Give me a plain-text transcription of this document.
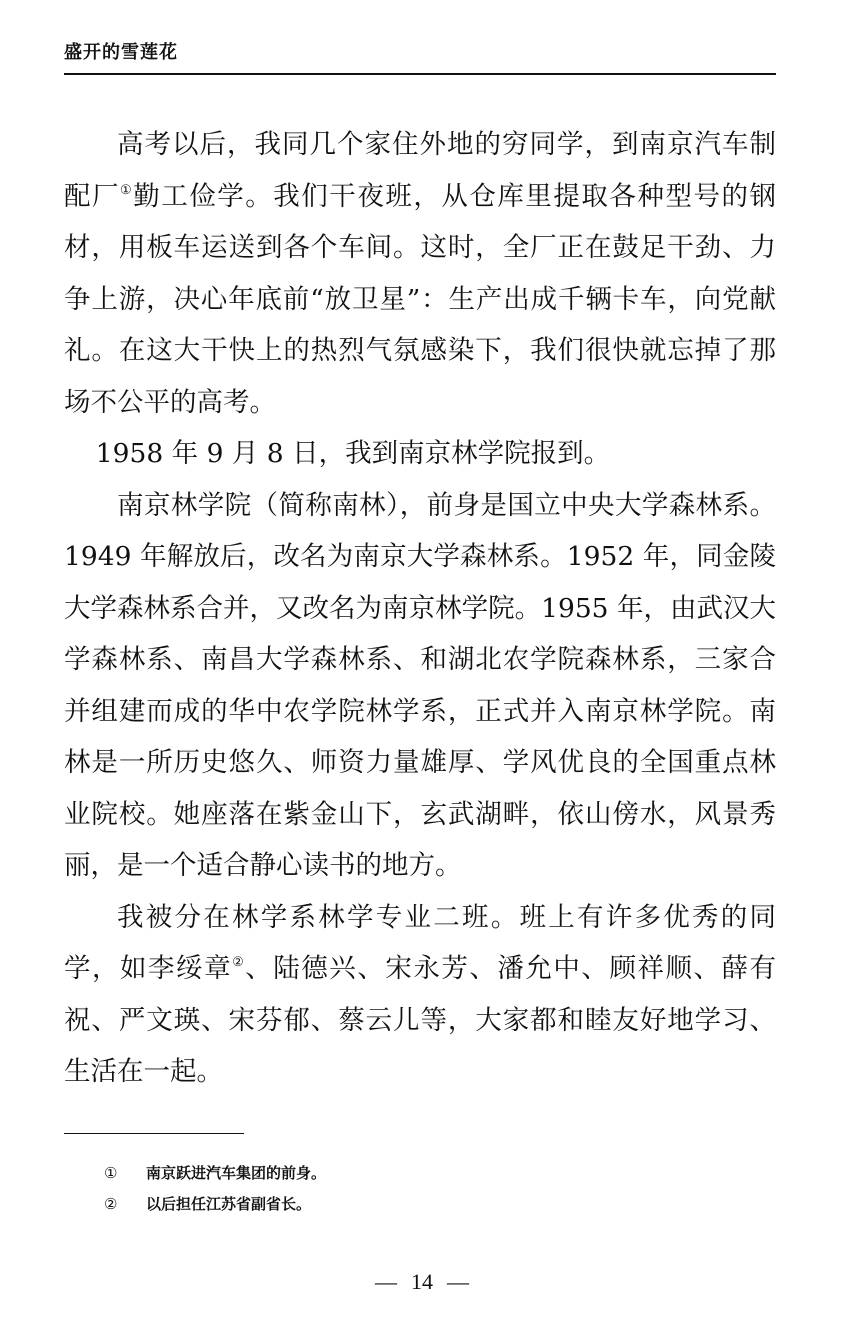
盛开的雪莲花

高考以后，我同几个家住外地的穷同学，到南京汽车制配厂①勤工俭学。我们干夜班，从仓库里提取各种型号的钢材，用板车运送到各个车间。这时，全厂正在鼓足干劲、力争上游，决心年底前“放卫星”：生产出成千辆卡车，向党献礼。在这大干快上的热烈气氛感染下，我们很快就忘掉了那场不公平的高考。

1958 年 9 月 8 日，我到南京林学院报到。

南京林学院（简称南林），前身是国立中央大学森林系。1949 年解放后，改名为南京大学森林系。1952 年，同金陵大学森林系合并，又改名为南京林学院。1955 年，由武汉大学森林系、南昌大学森林系、和湖北农学院森林系，三家合并组建而成的华中农学院林学系，正式并入南京林学院。南林是一所历史悠久、师资力量雄厚、学风优良的全国重点林业院校。她座落在紫金山下，玄武湖畔，依山傍水，风景秀丽，是一个适合静心读书的地方。

我被分在林学系林学专业二班。班上有许多优秀的同学，如李绥章②、陆德兴、宋永芳、潘允中、顾祥顺、薛有祝、严文瑛、宋芬郁、蔡云儿等，大家都和睦友好地学习、生活在一起。

①	南京跃进汽车集团的前身。
②	以后担任江苏省副省长。
— 14 —
